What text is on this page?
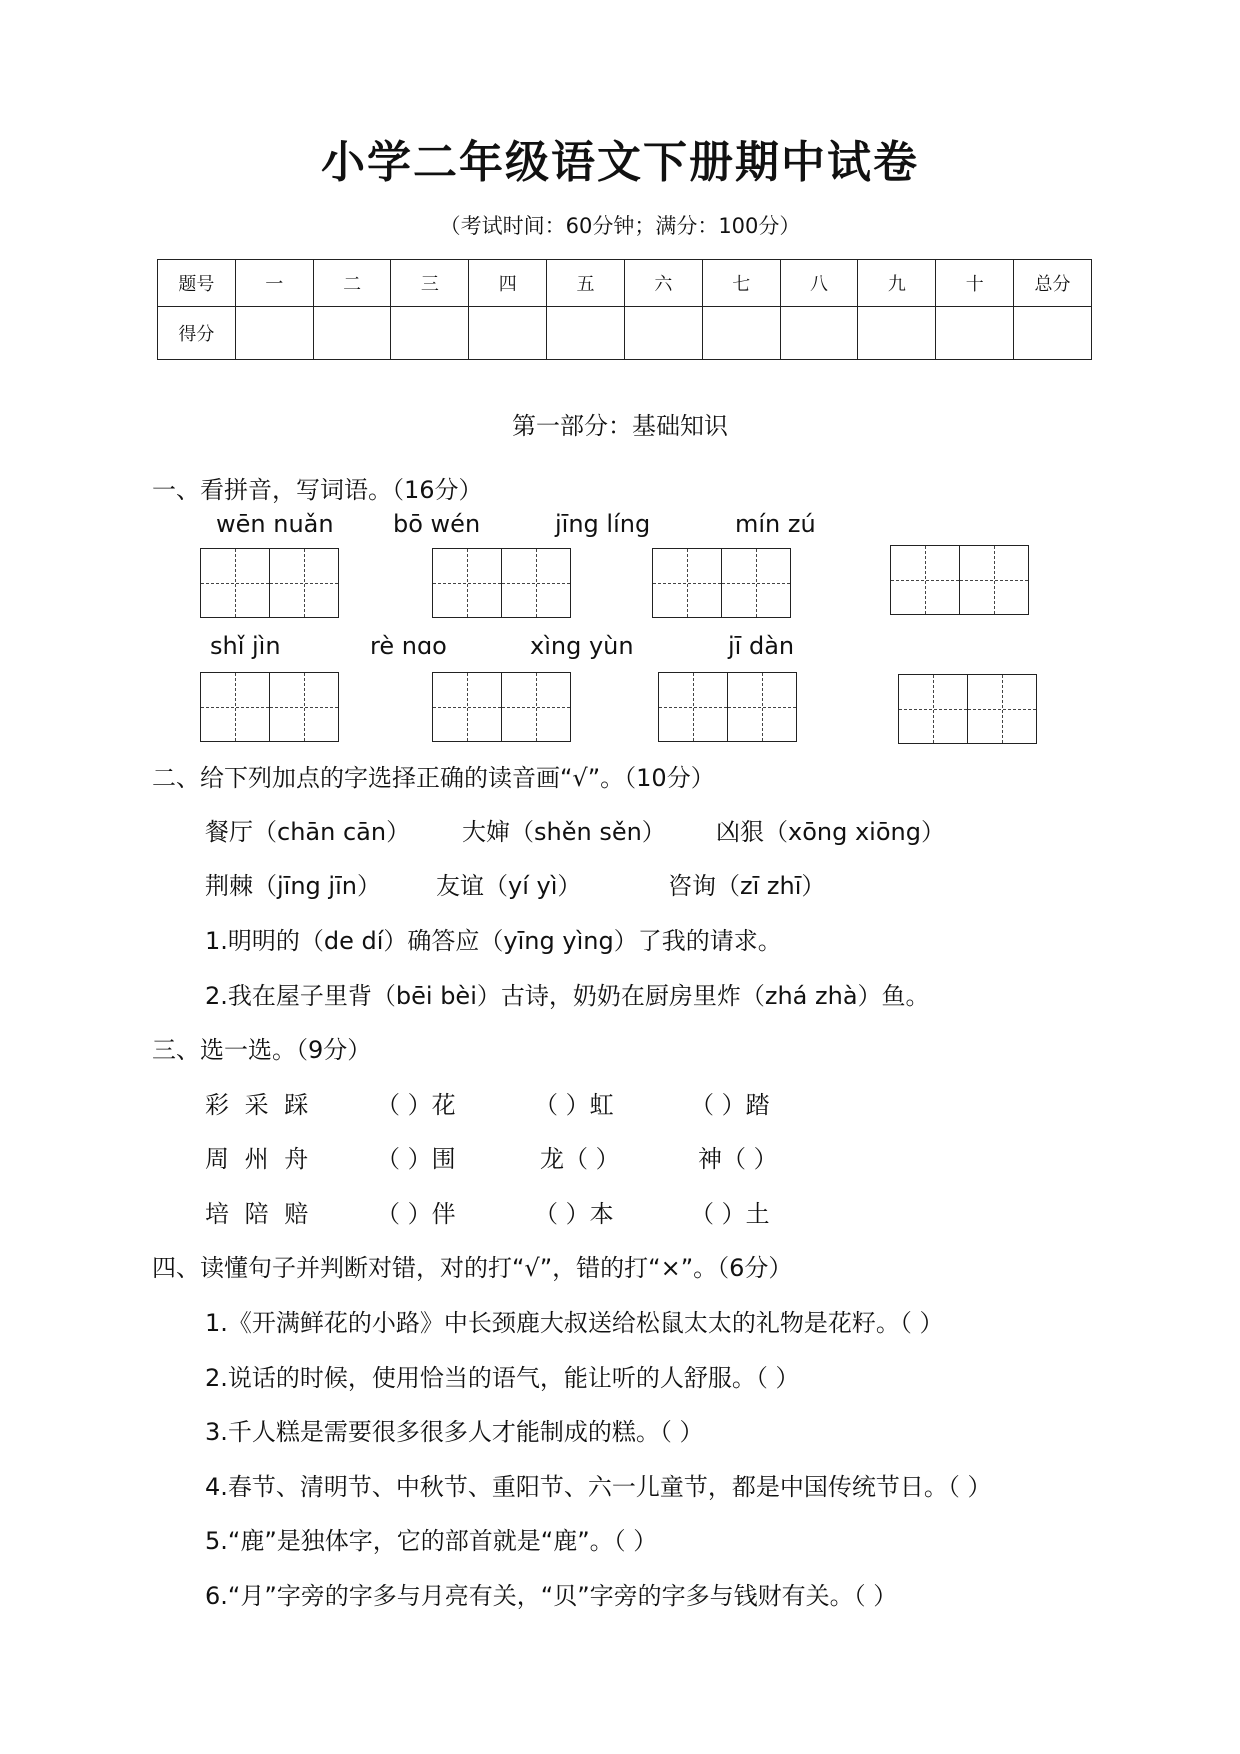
小学二年级语文下册期中试卷
（考试时间：60分钟；满分：100分）
题号	一	二	三	四	五	六	七	八	九	十	总分
得分											
第一部分：基础知识
一、看拼音，写词语。（16分）
wēn nuǎn bō wén	jīng líng	mín zú
shǐ jìn	rè nɑo	xìng yùn	jī dàn
二、给下列加点的字选择正确的读音画“√”。（10分）
餐厅（chān cān） 大婶（shěn sěn） 凶狠（xōng xiōng）
荆棘（jīng jīn） 友谊（yí yì）	咨询（zī zhī）
1.明明的（de dí）确答应（yīng yìng）了我的请求。
2.我在屋子里背（bēi bèi）古诗，奶奶在厨房里炸（zhá zhà）鱼。
三、选一选。（9分）
彩 采 踩	（ ）花	（ ）虹	（ ）踏
周 州 舟	（ ）围	龙（ ）	神（ ）
培 陪 赔	（ ）伴	（ ）本	（ ）土
四、读懂句子并判断对错，对的打“√”，错的打“×”。（6分）
1.《开满鲜花的小路》中长颈鹿大叔送给松鼠太太的礼物是花籽。（ ）
2.说话的时候，使用恰当的语气，能让听的人舒服。（ ）
3.千人糕是需要很多很多人才能制成的糕。（ ）
4.春节、清明节、中秋节、重阳节、六一儿童节，都是中国传统节日。（ ）
5.“鹿”是独体字，它的部首就是“鹿”。（ ）
6.“月”字旁的字多与月亮有关，“贝”字旁的字多与钱财有关。（ ）
